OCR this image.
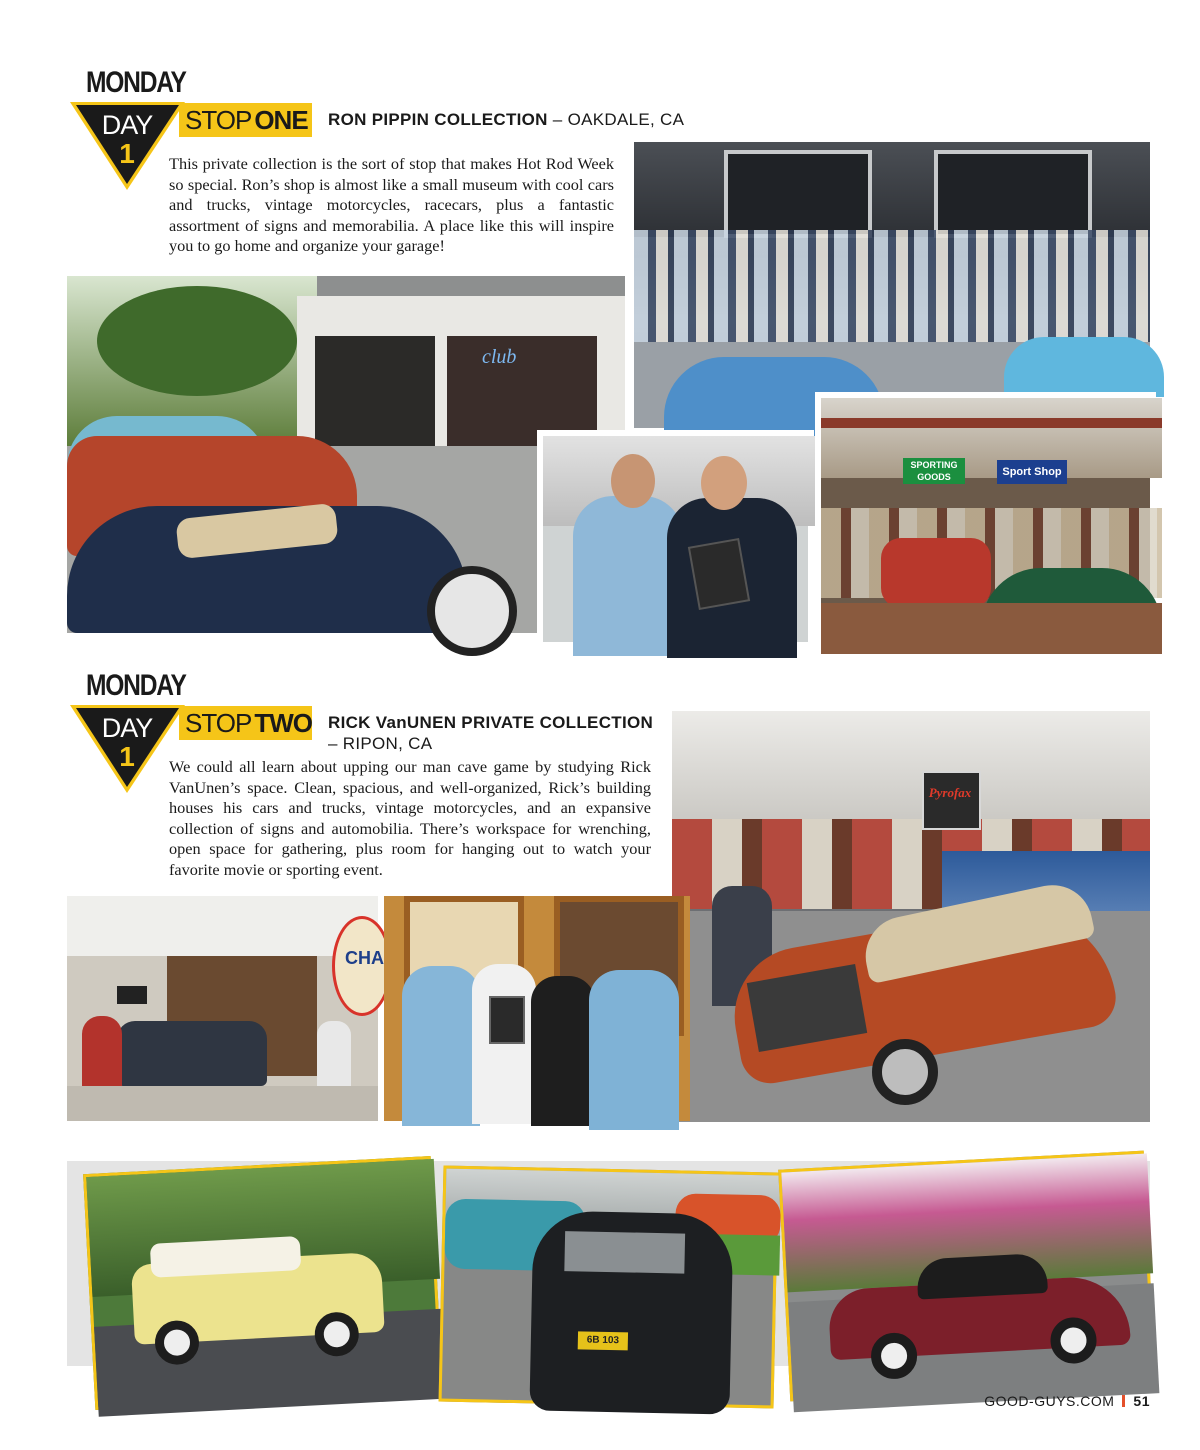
MONDAY
DAY
1
STOP ONE RON PIPPIN COLLECTION – OAKDALE, CA
This private collection is the sort of stop that makes Hot Rod Week so special. Ron’s shop is almost like a small museum with cool cars and trucks, vintage motorcycles, racecars, plus a fantastic assortment of signs and memorabilia. A place like this will inspire you to go home and organize your garage!
club
SPORTING GOODS	Sport Shop
MONDAY
DAY
1
STOP TWO RICK VanUNEN PRIVATE COLLECTION
– RIPON, CA
We could all learn about upping our man cave game by studying Rick VanUnen’s space. Clean, spacious, and well-organized, Rick’s building houses his cars and trucks, vintage motorcycles, and an expansive collection of signs and automobilia. There’s workspace for wrenching, open space for gathering, plus room for hanging out to watch your favorite movie or sporting event.
Pyrofax
CHA
6B 103
GOOD-GUYS.COM 51
